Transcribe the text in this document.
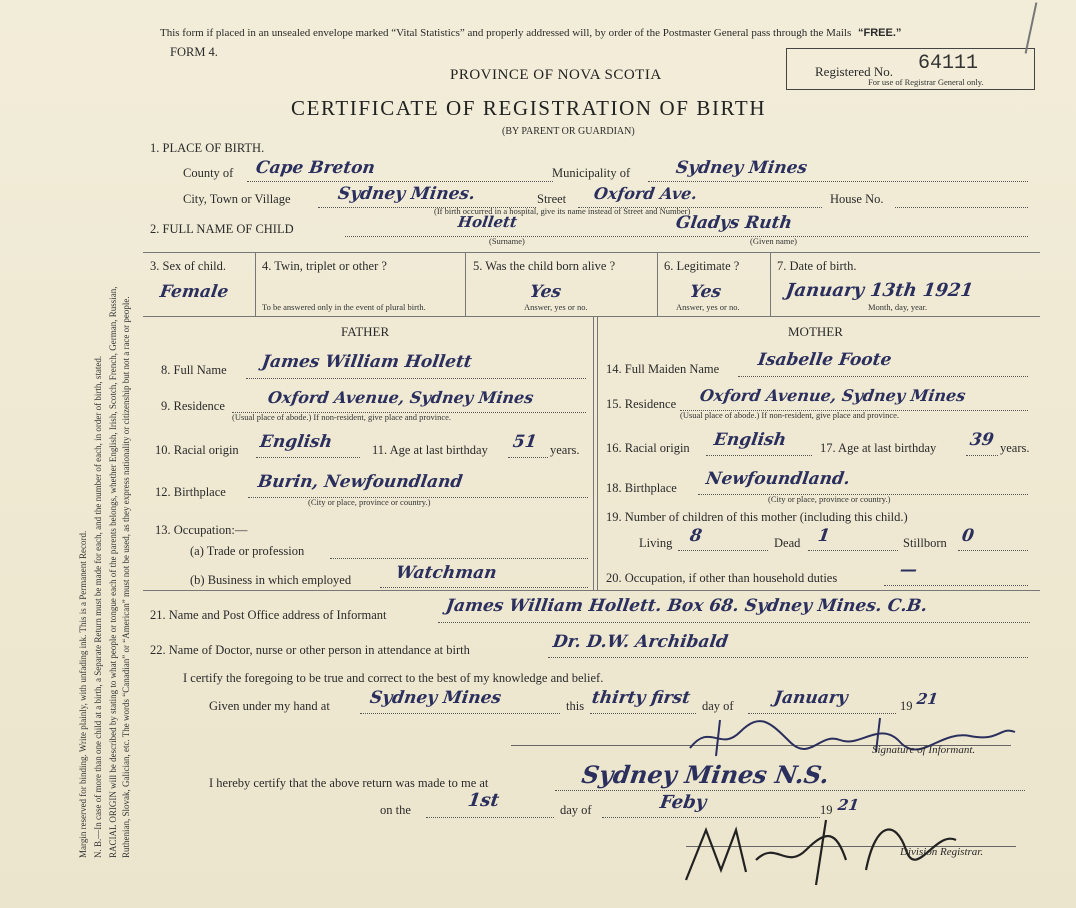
Margin reserved for binding. Write plainly, with unfading ink. This is a Permanent Record. N. B.—In case of more than one child at a birth, a Separate Return must be made for each, and the number of each, in order of birth, stated. RACIAL ORIGIN will be described by stating to what people or tongue each of the parents belongs, whether English, Irish, Scotch, French, German, Russian, Ruthenian, Slovak, Galician, etc. The words “Canadian” or “American” must not be used, as they express nationality or citizenship but not a race or people.
This form if placed in an unsealed envelope marked “Vital Statistics” and properly addressed will, by order of the Postmaster General pass through the Mails “FREE.”
FORM 4.
PROVINCE OF NOVA SCOTIA
CERTIFICATE OF REGISTRATION OF BIRTH
(BY PARENT OR GUARDIAN)
Registered No. 64111
For use of Registrar General only.
1. PLACE OF BIRTH.
County of Cape Breton	Municipality of	Sydney Mines
City, Town or Village	Sydney Mines.	Street Oxford Ave.	House No.
(If birth occurred in a hospital, give its name instead of Street and Number)
2. FULL NAME OF CHILD	Hollett	Gladys Ruth
(Surname)	(Given name)
3. Sex of child.
Female
4. Twin, triplet or other ?
To be answered only in the event of plural birth.
5. Was the child born alive ?
Yes
Answer, yes or no.
6. Legitimate ?
Yes
Answer, yes or no.
7. Date of birth.
January 13th 1921
Month, day, year.
FATHER
8. Full Name James William Hollett
9. Residence	Oxford Avenue, Sydney Mines
(Usual place of abode.) If non-resident, give place and province.
10. Racial origin English	11. Age at last birthday 51 years.
12. Birthplace Burin, Newfoundland
(City or place, province or country.)
13. Occupation:—
(a) Trade or profession
(b) Business in which employed	Watchman
MOTHER
14. Full Maiden Name Isabelle Foote
15. Residence Oxford Avenue, Sydney Mines
(Usual place of abode.) If non-resident, give place and province.
16. Racial origin English	17. Age at last birthday 39 years.
18. Birthplace Newfoundland.
(City or place, province or country.)
19. Number of children of this mother (including this child.)
Living 8	Dead 1	Stillborn 0
20. Occupation, if other than household duties	—
21. Name and Post Office address of Informant	James William Hollett. Box 68. Sydney Mines. C.B.
22. Name of Doctor, nurse or other person in attendance at birth	Dr. D.W. Archibald
I certify the foregoing to be true and correct to the best of my knowledge and belief.
Given under my hand at Sydney Mines	this thirty first day of January	19 21
Signature of Informant.
I hereby certify that the above return was made to me at	Sydney Mines N.S.
on the	1st	day of	Feby	19 21
Division Registrar.
